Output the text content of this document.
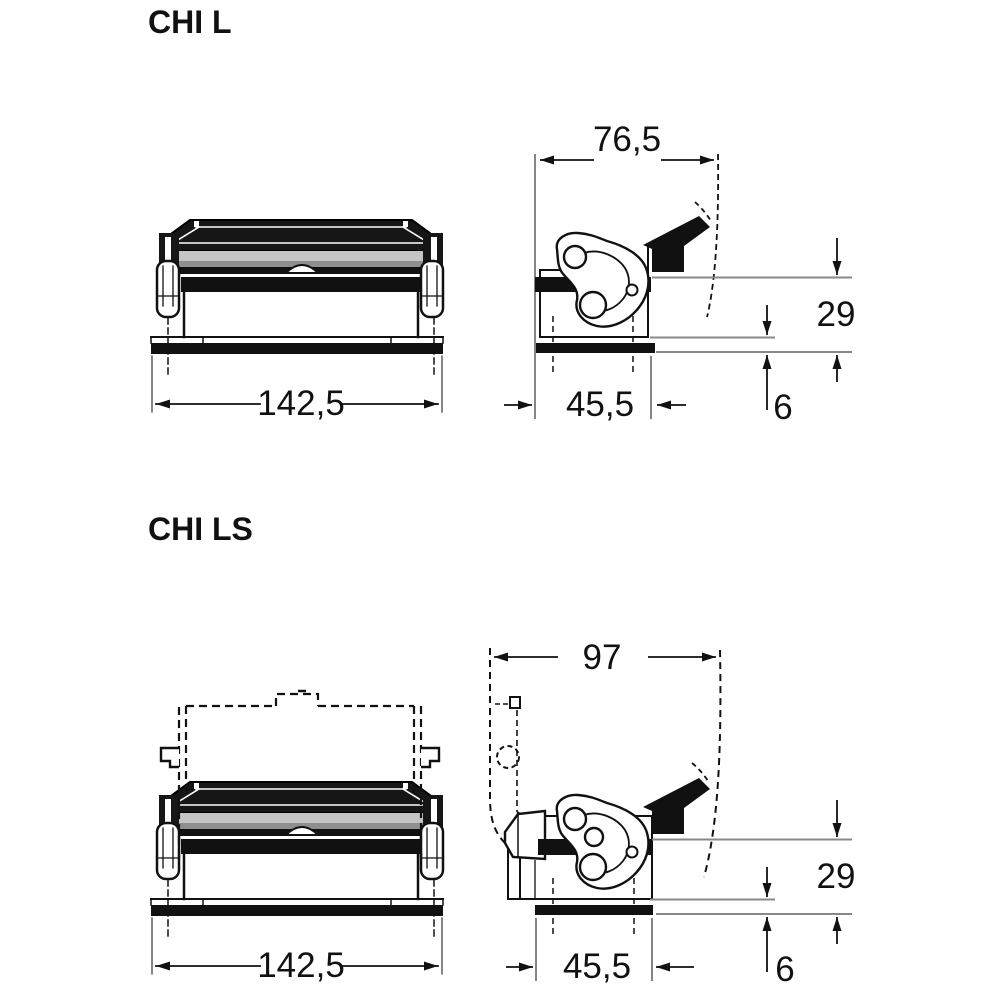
CHI L
CHI LS
142,5
76,5
45,5
29
6
142,5
97
45,5
29
6
